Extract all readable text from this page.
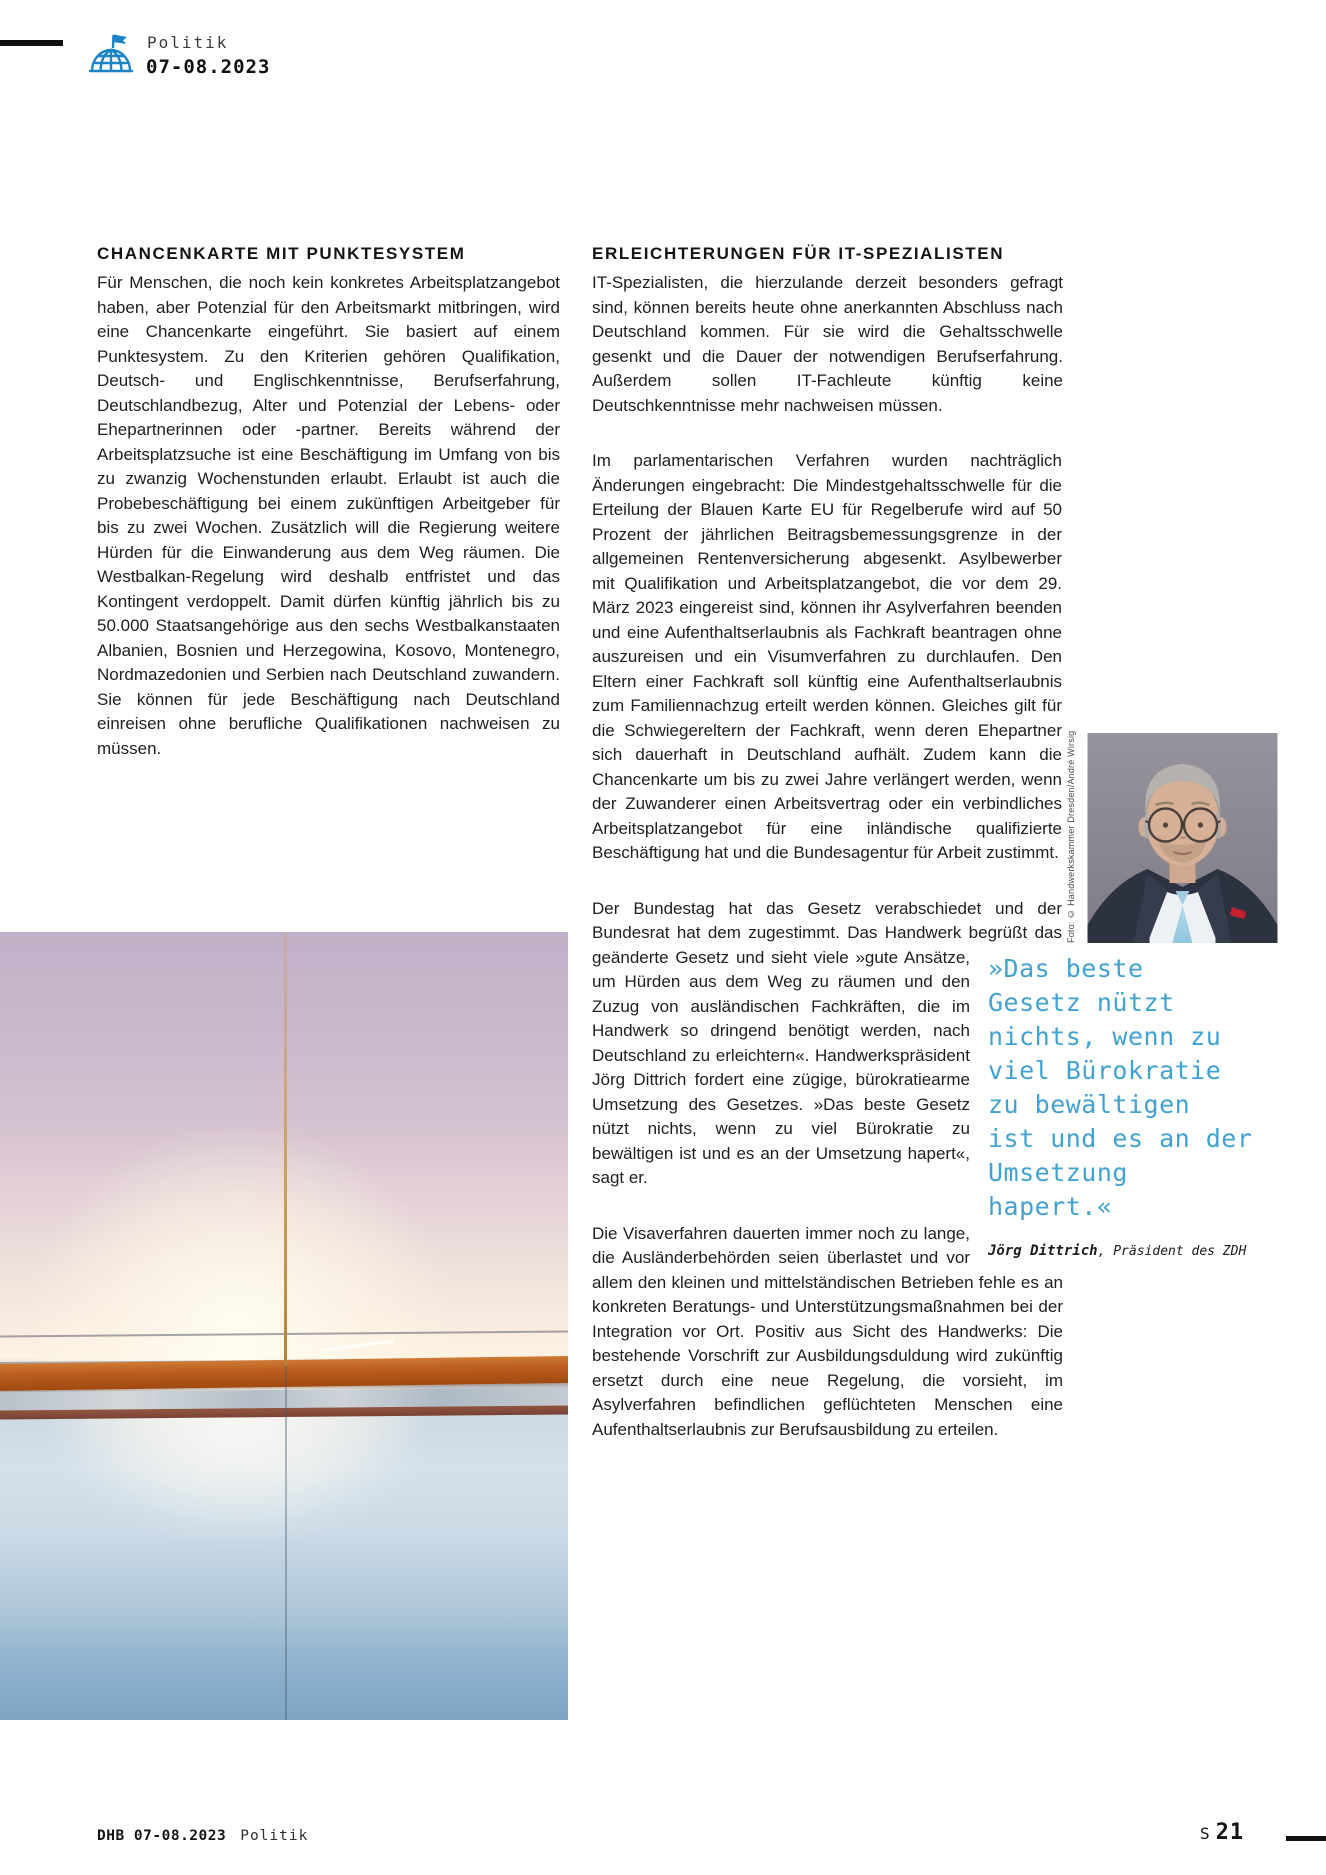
Politik
07-08.2023
CHANCENKARTE MIT PUNKTESYSTEM

Für Menschen, die noch kein konkretes Arbeitsplatzangebot haben, aber Potenzial für den Arbeitsmarkt mitbringen, wird eine Chancenkarte eingeführt. Sie basiert auf einem Punktesystem. Zu den Kriterien gehören Qualifikation, Deutsch- und Englischkenntnisse, Berufserfahrung, Deutschlandbezug, Alter und Potenzial der Lebens- oder Ehepartnerinnen oder -partner. Bereits während der Arbeitsplatzsuche ist eine Beschäftigung im Umfang von bis zu zwanzig Wochenstunden erlaubt. Erlaubt ist auch die Probebeschäftigung bei einem zukünftigen Arbeitgeber für bis zu zwei Wochen. Zusätzlich will die Regierung weitere Hürden für die Einwanderung aus dem Weg räumen. Die Westbalkan-Regelung wird deshalb entfristet und das Kontingent verdoppelt. Damit dürfen künftig jährlich bis zu 50.000 Staatsangehörige aus den sechs Westbalkanstaaten Albanien, Bosnien und Herzegowina, Kosovo, Montenegro, Nordmazedonien und Serbien nach Deutschland zuwandern. Sie können für jede Beschäftigung nach Deutschland einreisen ohne berufliche Qualifikationen nachweisen zu müssen.

ERLEICHTERUNGEN FÜR IT-SPEZIALISTEN

IT-Spezialisten, die hierzulande derzeit besonders gefragt sind, können bereits heute ohne anerkannten Abschluss nach Deutschland kommen. Für sie wird die Gehaltsschwelle gesenkt und die Dauer der notwendigen Berufserfahrung. Außerdem sollen IT-Fachleute künftig keine Deutschkenntnisse mehr nachweisen müssen.

Im parlamentarischen Verfahren wurden nachträglich Änderungen eingebracht: Die Mindestgehaltsschwelle für die Erteilung der Blauen Karte EU für Regelberufe wird auf 50 Prozent der jährlichen Beitragsbemessungsgrenze in der allgemeinen Rentenversicherung abgesenkt. Asylbewerber mit Qualifikation und Arbeitsplatzangebot, die vor dem 29. März 2023 eingereist sind, können ihr Asylverfahren beenden und eine Aufenthaltserlaubnis als Fachkraft beantragen ohne auszureisen und ein Visumverfahren zu durchlaufen. Den Eltern einer Fachkraft soll künftig eine Aufenthaltserlaubnis zum Familiennachzug erteilt werden können. Gleiches gilt für die Schwiegereltern der Fachkraft, wenn deren Ehepartner sich dauerhaft in Deutschland aufhält. Zudem kann die Chancenkarte um bis zu zwei Jahre verlängert werden, wenn der Zuwanderer einen Arbeitsvertrag oder ein verbindliches Arbeitsplatzangebot für eine inländische qualifizierte Beschäftigung hat und die Bundesagentur für Arbeit zustimmt.

Der Bundestag hat das Gesetz verabschiedet und der Bundesrat hat dem zugestimmt. Das Handwerk begrüßt das geänderte Gesetz und sieht viele »gute Ansätze, um Hürden aus dem Weg zu räumen und den Zuzug von ausländischen Fachkräften, die im Handwerk so dringend benötigt werden, nach Deutschland zu erleichtern«. Handwerkspräsident Jörg Dittrich fordert eine zügige, bürokratiearme Umsetzung des Gesetzes. »Das beste Gesetz nützt nichts, wenn zu viel Bürokratie zu bewältigen ist und es an der Umsetzung hapert«, sagt er.

Die Visaverfahren dauerten immer noch zu lange, die Ausländerbehörden seien überlastet und vor allem den kleinen und mittelständischen Betrieben fehle es an konkreten Beratungs- und Unterstützungsmaßnahmen bei der Integration vor Ort. Positiv aus Sicht des Handwerks: Die bestehende Vorschrift zur Ausbildungsduldung wird zukünftig ersetzt durch eine neue Regelung, die vorsieht, im Asylverfahren befindlichen geflüchteten Menschen eine Aufenthaltserlaubnis zur Berufsausbildung zu erteilen.

Foto: © Handwerkskammer Dresden/André Wirsig
»Das beste
Gesetz nützt
nichts, wenn zu
viel Bürokratie
zu bewältigen
ist und es an der
Umsetzung
hapert.«
Jörg Dittrich, Präsident des ZDH
DHB 07-08.2023 Politik	S 21
